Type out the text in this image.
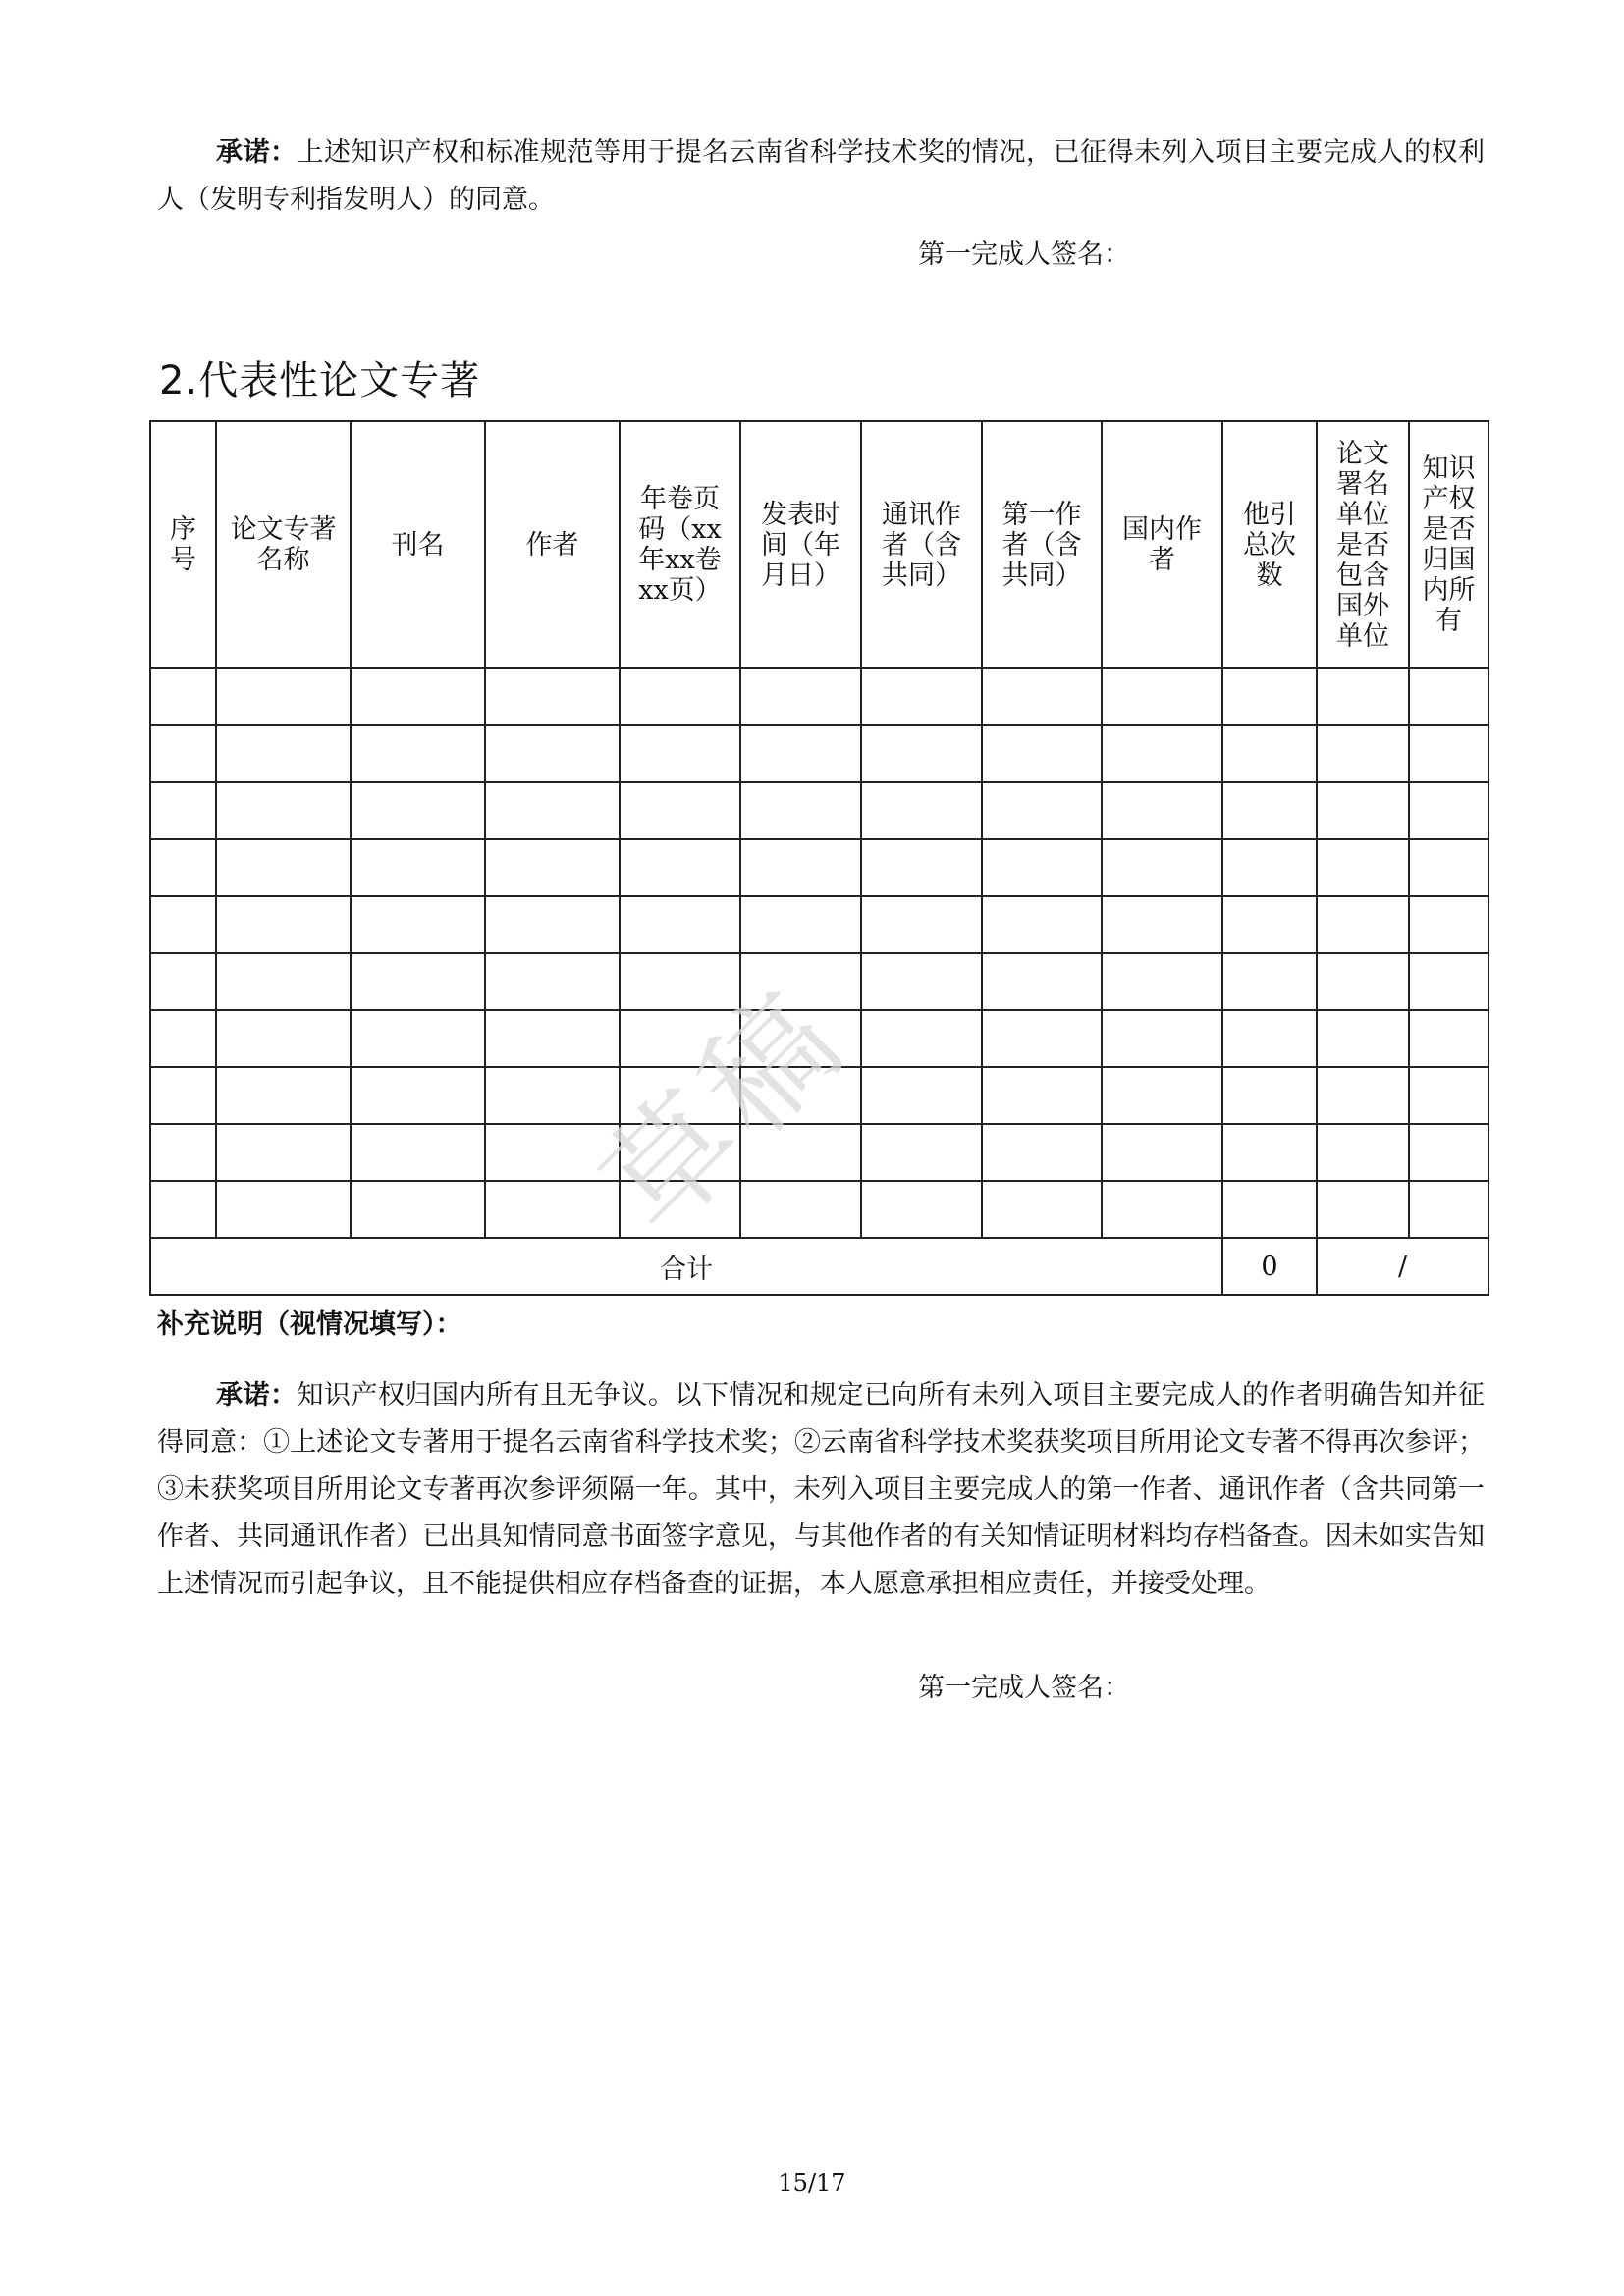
承诺：上述知识产权和标准规范等用于提名云南省科学技术奖的情况，已征得未列入项目主要完成人的权利人（发明专利指发明人）的同意。

第一完成人签名：
2.代表性论文专著
序号	论文专著名称	刊名	作者	年卷页码（xx年xx卷xx页）	发表时间（年月日）	通讯作者（含共同）	第一作者（含共同）	国内作者	他引总次数	论文署名单位是否包含国外单位	知识产权是否归国内所有

合计									0	/	
草稿
补充说明（视情况填写）：

承诺：知识产权归国内所有且无争议。以下情况和规定已向所有未列入项目主要完成人的作者明确告知并征得同意：①上述论文专著用于提名云南省科学技术奖；②云南省科学技术奖获奖项目所用论文专著不得再次参评；③未获奖项目所用论文专著再次参评须隔一年。其中，未列入项目主要完成人的第一作者、通讯作者（含共同第一作者、共同通讯作者）已出具知情同意书面签字意见，与其他作者的有关知情证明材料均存档备查。因未如实告知上述情况而引起争议，且不能提供相应存档备查的证据，本人愿意承担相应责任，并接受处理。

第一完成人签名：
15/17
